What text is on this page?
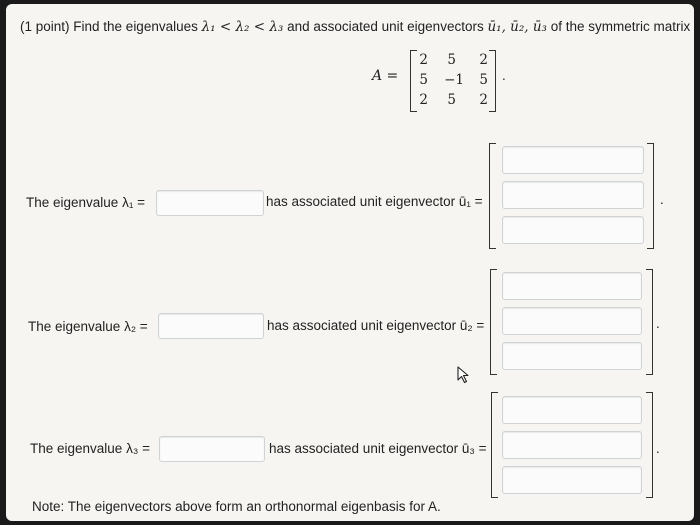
(1 point) Find the eigenvalues λ₁ < λ₂ < λ₃ and associated unit eigenvectors ū₁, ū₂, ū₃ of the symmetric matrix
A =
2	5	2
5	−1	5
2	5	2
.
The eigenvalue λ₁ =	has associated unit eigenvector ū₁ =	.
The eigenvalue λ₂ =	has associated unit eigenvector ū₂ =	.
The eigenvalue λ₃ =	has associated unit eigenvector ū₃ =	.
Note: The eigenvectors above form an orthonormal eigenbasis for A.
